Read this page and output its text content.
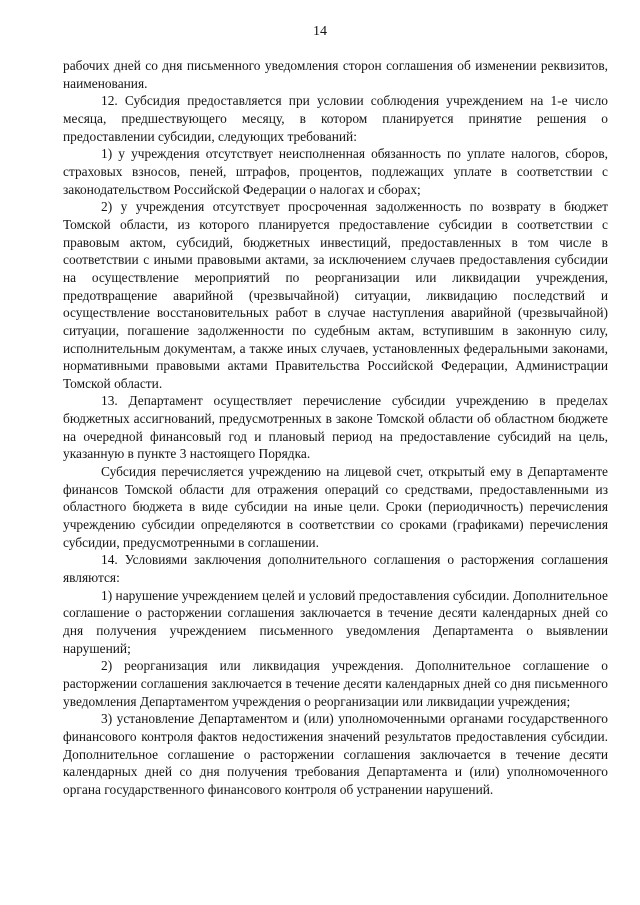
14

рабочих дней со дня письменного уведомления сторон соглашения об изменении реквизитов, наименования.

12. Субсидия предоставляется при условии соблюдения учреждением на 1-е число месяца, предшествующего месяцу, в котором планируется принятие решения о предоставлении субсидии, следующих требований:

1) у учреждения отсутствует неисполненная обязанность по уплате налогов, сборов, страховых взносов, пеней, штрафов, процентов, подлежащих уплате в соответствии с законодательством Российской Федерации о налогах и сборах;

2) у учреждения отсутствует просроченная задолженность по возврату в бюджет Томской области, из которого планируется предоставление субсидии в соответствии с правовым актом, субсидий, бюджетных инвестиций, предоставленных в том числе в соответствии с иными правовыми актами, за исключением случаев предоставления субсидии на осуществление мероприятий по реорганизации или ликвидации учреждения, предотвращение аварийной (чрезвычайной) ситуации, ликвидацию последствий и осуществление восстановительных работ в случае наступления аварийной (чрезвычайной) ситуации, погашение задолженности по судебным актам, вступившим в законную силу, исполнительным документам, а также иных случаев, установленных федеральными законами, нормативными правовыми актами Правительства Российской Федерации, Администрации Томской области.

13. Департамент осуществляет перечисление субсидии учреждению в пределах бюджетных ассигнований, предусмотренных в законе Томской области об областном бюджете на очередной финансовый год и плановый период на предоставление субсидий на цель, указанную в пункте 3 настоящего Порядка.

Субсидия перечисляется учреждению на лицевой счет, открытый ему в Департаменте финансов Томской области для отражения операций со средствами, предоставленными из областного бюджета в виде субсидии на иные цели. Сроки (периодичность) перечисления учреждению субсидии определяются в соответствии со сроками (графиками) перечисления субсидии, предусмотренными в соглашении.

14. Условиями заключения дополнительного соглашения о расторжения соглашения являются:

1) нарушение учреждением целей и условий предоставления субсидии. Дополнительное соглашение о расторжении соглашения заключается в течение десяти календарных дней со дня получения учреждением письменного уведомления Департамента о выявлении нарушений;

2) реорганизация или ликвидация учреждения. Дополнительное соглашение о расторжении соглашения заключается в течение десяти календарных дней со дня письменного уведомления Департаментом учреждения о реорганизации или ликвидации учреждения;

3) установление Департаментом и (или) уполномоченными органами государственного финансового контроля фактов недостижения значений результатов предоставления субсидии. Дополнительное соглашение о расторжении соглашения заключается в течение десяти календарных дней со дня получения требования Департамента и (или) уполномоченного органа государственного финансового контроля об устранении нарушений.
